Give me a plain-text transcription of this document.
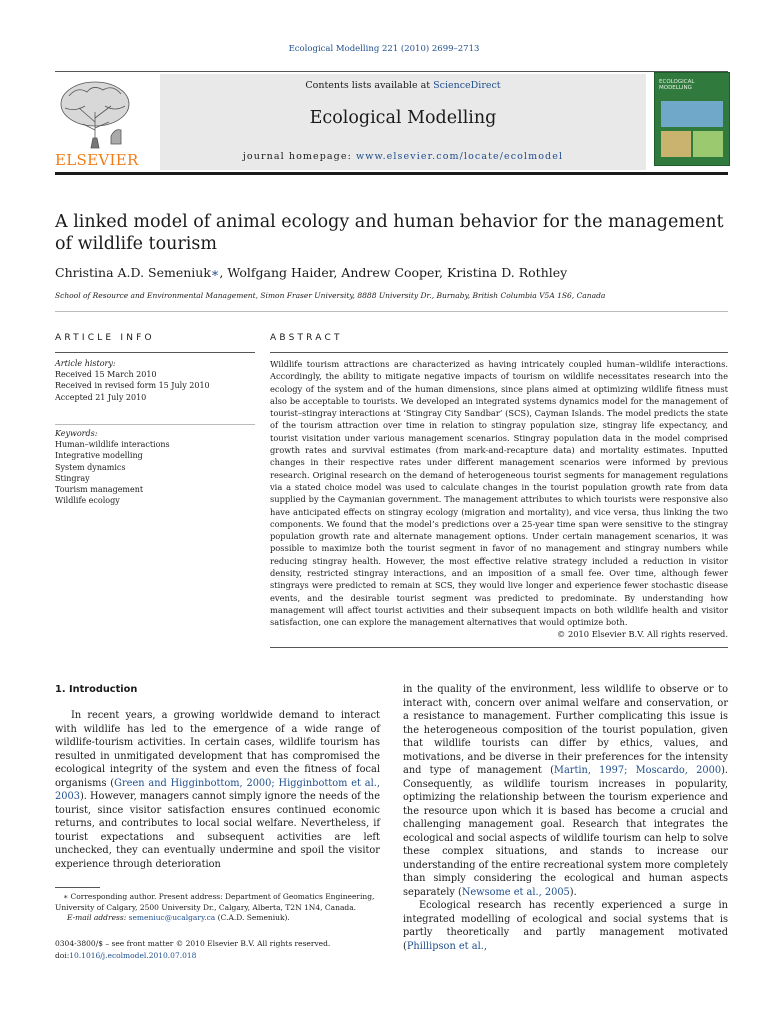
Ecological Modelling 221 (2010) 2699–2713
ELSEVIER
Contents lists available at ScienceDirect
Ecological Modelling
journal homepage: www.elsevier.com/locate/ecolmodel
ECOLOGICAL
MODELLING
A linked model of animal ecology and human behavior for the management of wildlife tourism
Christina A.D. Semeniuk∗, Wolfgang Haider, Andrew Cooper, Kristina D. Rothley
School of Resource and Environmental Management, Simon Fraser University, 8888 University Dr., Burnaby, British Columbia V5A 1S6, Canada
ARTICLE INFO
Article history:
Received 15 March 2010
Received in revised form 15 July 2010
Accepted 21 July 2010
Keywords:
Human–wildlife interactions
Integrative modelling
System dynamics
Stingray
Tourism management
Wildlife ecology
ABSTRACT
Wildlife tourism attractions are characterized as having intricately coupled human–wildlife interactions. Accordingly, the ability to mitigate negative impacts of tourism on wildlife necessitates research into the ecology of the system and of the human dimensions, since plans aimed at optimizing wildlife fitness must also be acceptable to tourists. We developed an integrated systems dynamics model for the management of tourist–stingray interactions at ‘Stingray City Sandbar’ (SCS), Cayman Islands. The model predicts the state of the tourism attraction over time in relation to stingray population size, stingray life expectancy, and tourist visitation under various management scenarios. Stingray population data in the model comprised growth rates and survival estimates (from mark-and-recapture data) and mortality estimates. Inputted changes in their respective rates under different management scenarios were informed by previous research. Original research on the demand of heterogeneous tourist segments for management regulations via a stated choice model was used to calculate changes in the tourist population growth rate from data supplied by the Caymanian government. The management attributes to which tourists were responsive also have anticipated effects on stingray ecology (migration and mortality), and vice versa, thus linking the two components. We found that the model’s predictions over a 25-year time span were sensitive to the stingray population growth rate and alternate management options. Under certain management scenarios, it was possible to maximize both the tourist segment in favor of no management and stingray numbers while reducing stingray health. However, the most effective relative strategy included a reduction in visitor density, restricted stingray interactions, and an imposition of a small fee. Over time, although fewer stingrays were predicted to remain at SCS, they would live longer and experience fewer stochastic disease events, and the desirable tourist segment was predicted to predominate. By understanding how management will affect tourist activities and their subsequent impacts on both wildlife health and visitor satisfaction, one can explore the management alternatives that would optimize both.
© 2010 Elsevier B.V. All rights reserved.
1. Introduction

In recent years, a growing worldwide demand to interact with wildlife has led to the emergence of a wide range of wildlife-tourism activities. In certain cases, wildlife tourism has resulted in unmitigated development that has compromised the ecological integrity of the system and even the fitness of focal organisms (Green and Higginbottom, 2000; Higginbottom et al., 2003). However, managers cannot simply ignore the needs of the tourist, since visitor satisfaction ensures continued economic returns, and contributes to local social welfare. Nevertheless, if tourist expectations and subsequent activities are left unchecked, they can eventually undermine and spoil the visitor experience through deterioration

in the quality of the environment, less wildlife to observe or to interact with, concern over animal welfare and conservation, or a resistance to management. Further complicating this issue is the heterogeneous composition of the tourist population, given that wildlife tourists can differ by ethics, values, and motivations, and be diverse in their preferences for the intensity and type of management (Martin, 1997; Moscardo, 2000). Consequently, as wildlife tourism increases in popularity, optimizing the relationship between the tourism experience and the resource upon which it is based has become a crucial and challenging management goal. Research that integrates the ecological and social aspects of wildlife tourism can help to solve these complex situations, and stands to increase our understanding of the entire recreational system more completely than simply considering the ecological and human aspects separately (Newsome et al., 2005).

Ecological research has recently experienced a surge in integrated modelling of ecological and social systems that is partly theoretically and partly management motivated (Phillipson et al.,

∗ Corresponding author. Present address: Department of Geomatics Engineering, University of Calgary, 2500 University Dr., Calgary, Alberta, T2N 1N4, Canada.
E-mail address: semeniuc@ucalgary.ca (C.A.D. Semeniuk).
0304-3800/$ – see front matter © 2010 Elsevier B.V. All rights reserved.
doi:10.1016/j.ecolmodel.2010.07.018
